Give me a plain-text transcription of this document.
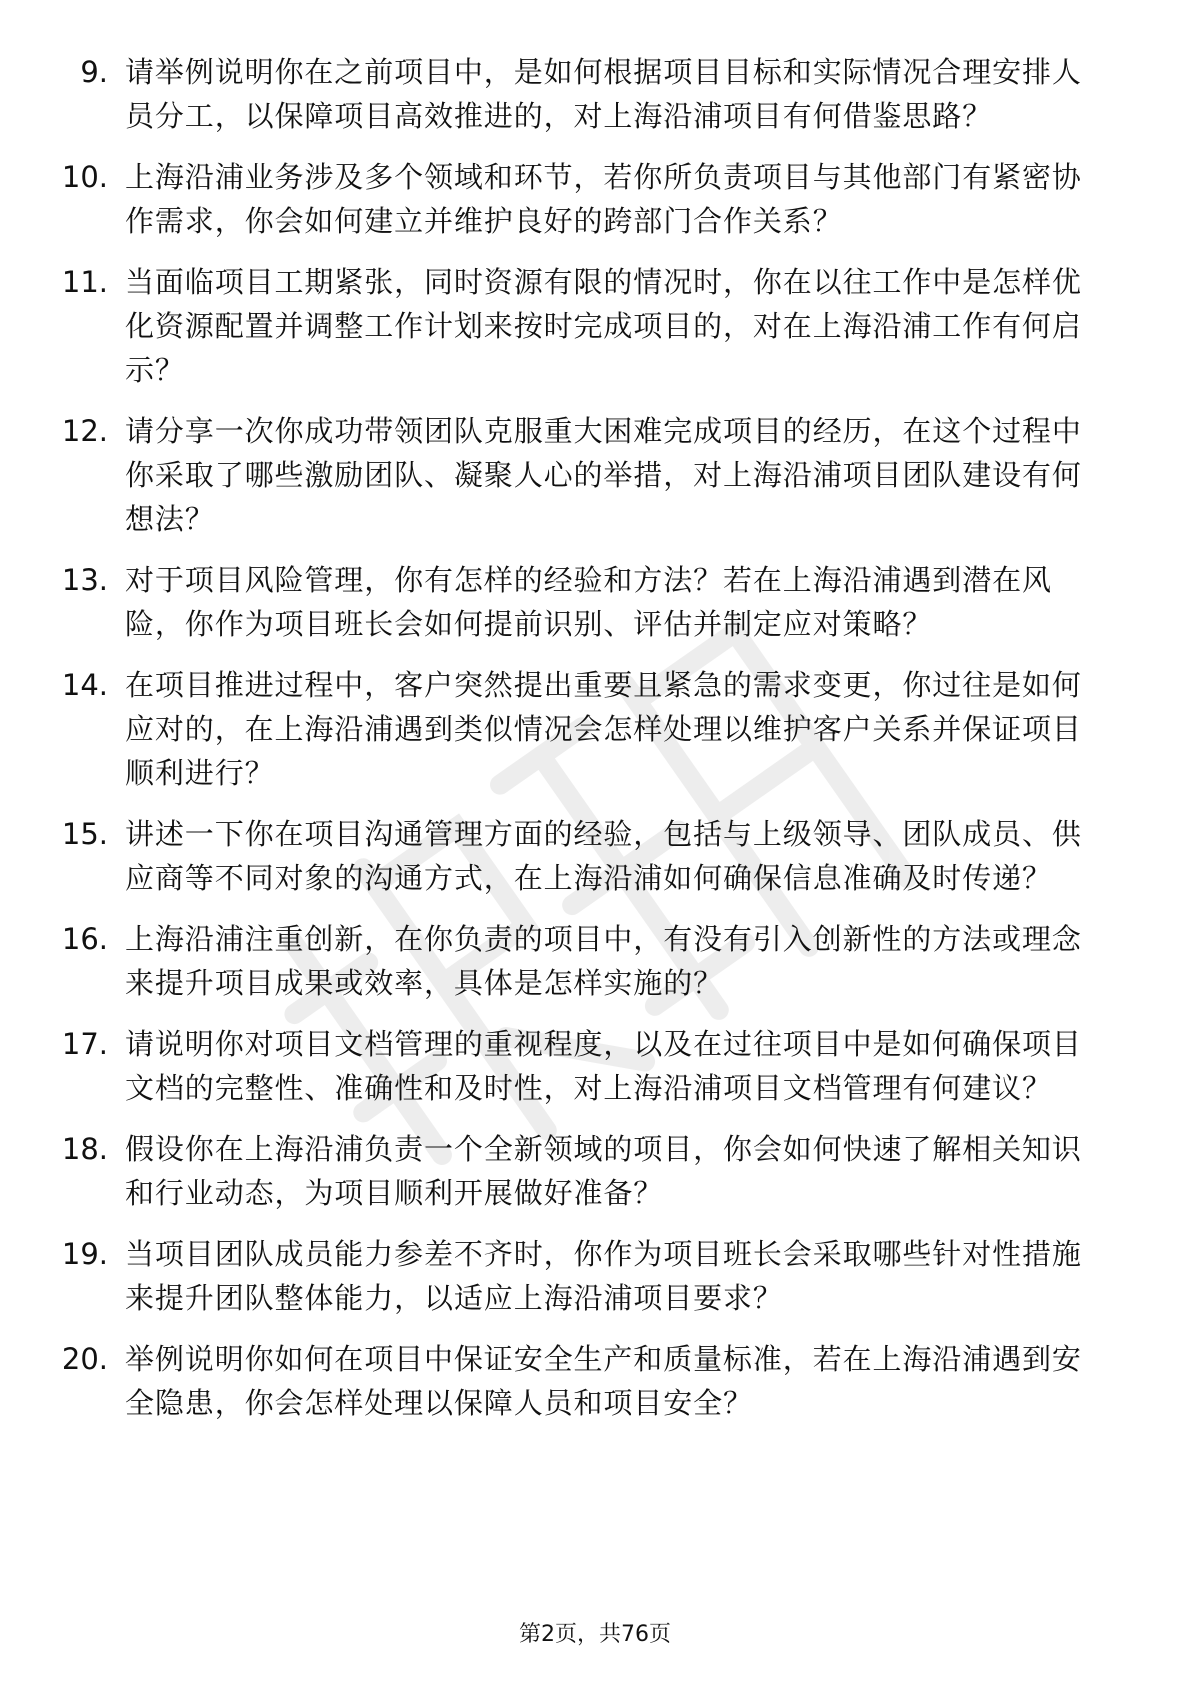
9. 请举例说明你在之前项目中，是如何根据项目目标和实际情况合理安排人员分工，以保障项目高效推进的，对上海沿浦项目有何借鉴思路？
10. 上海沿浦业务涉及多个领域和环节，若你所负责项目与其他部门有紧密协作需求，你会如何建立并维护良好的跨部门合作关系？
11. 当面临项目工期紧张，同时资源有限的情况时，你在以往工作中是怎样优化资源配置并调整工作计划来按时完成项目的，对在上海沿浦工作有何启示？
12. 请分享一次你成功带领团队克服重大困难完成项目的经历，在这个过程中你采取了哪些激励团队、凝聚人心的举措，对上海沿浦项目团队建设有何想法？
13. 对于项目风险管理，你有怎样的经验和方法？若在上海沿浦遇到潜在风险，你作为项目班长会如何提前识别、评估并制定应对策略？
14. 在项目推进过程中，客户突然提出重要且紧急的需求变更，你过往是如何应对的，在上海沿浦遇到类似情况会怎样处理以维护客户关系并保证项目顺利进行？
15. 讲述一下你在项目沟通管理方面的经验，包括与上级领导、团队成员、供应商等不同对象的沟通方式，在上海沿浦如何确保信息准确及时传递？
16. 上海沿浦注重创新，在你负责的项目中，有没有引入创新性的方法或理念来提升项目成果或效率，具体是怎样实施的？
17. 请说明你对项目文档管理的重视程度，以及在过往项目中是如何确保项目文档的完整性、准确性和及时性，对上海沿浦项目文档管理有何建议？
18. 假设你在上海沿浦负责一个全新领域的项目，你会如何快速了解相关知识和行业动态，为项目顺利开展做好准备？
19. 当项目团队成员能力参差不齐时，你作为项目班长会采取哪些针对性措施来提升团队整体能力，以适应上海沿浦项目要求？
20. 举例说明你如何在项目中保证安全生产和质量标准，若在上海沿浦遇到安全隐患，你会怎样处理以保障人员和项目安全？
第2页，共76页
